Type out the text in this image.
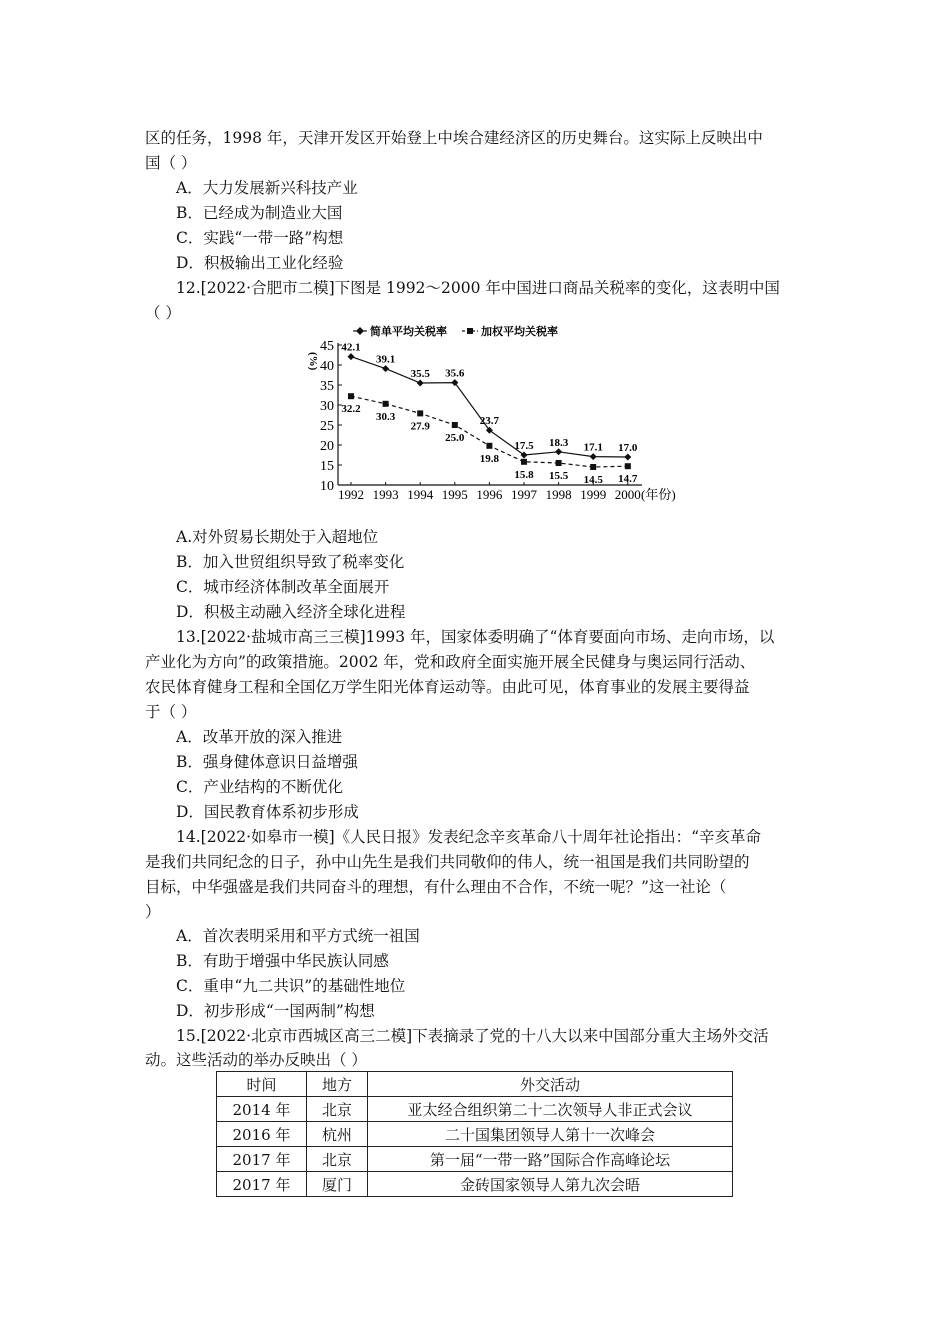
区的任务，1998 年，天津开发区开始登上中埃合建经济区的历史舞台。这实际上反映出中
国（ ）
A．大力发展新兴科技产业
B．已经成为制造业大国
C．实践“一带一路”构想
D．积极输出工业化经验
12.[2022·合肥市二模]下图是 1992～2000 年中国进口商品关税率的变化，这表明中国
（ ）
简单平均关税率	加权平均关税率
(%)
10
15
20
25
30
35
40
45
1992 1993 1994 1995 1996 1997 1998 1999 2000 (年份)
42.1
39.1
35.5 35.6
23.7
17.5 18.3 17.1 17.0
32.2
30.3
27.9
25.0
19.8
15.8 15.5 14.5 14.7
A.对外贸易长期处于入超地位
B．加入世贸组织导致了税率变化
C．城市经济体制改革全面展开
D．积极主动融入经济全球化进程
13.[2022·盐城市高三三模]1993 年，国家体委明确了“体育要面向市场、走向市场，以
产业化为方向”的政策措施。2002 年，党和政府全面实施开展全民健身与奥运同行活动、
农民体育健身工程和全国亿万学生阳光体育运动等。由此可见，体育事业的发展主要得益
于（ ）
A．改革开放的深入推进
B．强身健体意识日益增强
C．产业结构的不断优化
D．国民教育体系初步形成
14.[2022·如皋市一模]《人民日报》发表纪念辛亥革命八十周年社论指出：“辛亥革命
是我们共同纪念的日子，孙中山先生是我们共同敬仰的伟人，统一祖国是我们共同盼望的
目标，中华强盛是我们共同奋斗的理想，有什么理由不合作，不统一呢？”这一社论（
）
A．首次表明采用和平方式统一祖国
B．有助于增强中华民族认同感
C．重申“九二共识”的基础性地位
D．初步形成“一国两制”构想
15.[2022·北京市西城区高三二模]下表摘录了党的十八大以来中国部分重大主场外交活
动。这些活动的举办反映出（ ）
时间	地方	外交活动
2014 年	北京	亚太经合组织第二十二次领导人非正式会议
2016 年	杭州	二十国集团领导人第十一次峰会
2017 年	北京	第一届“一带一路”国际合作高峰论坛
2017 年	厦门	金砖国家领导人第九次会晤
